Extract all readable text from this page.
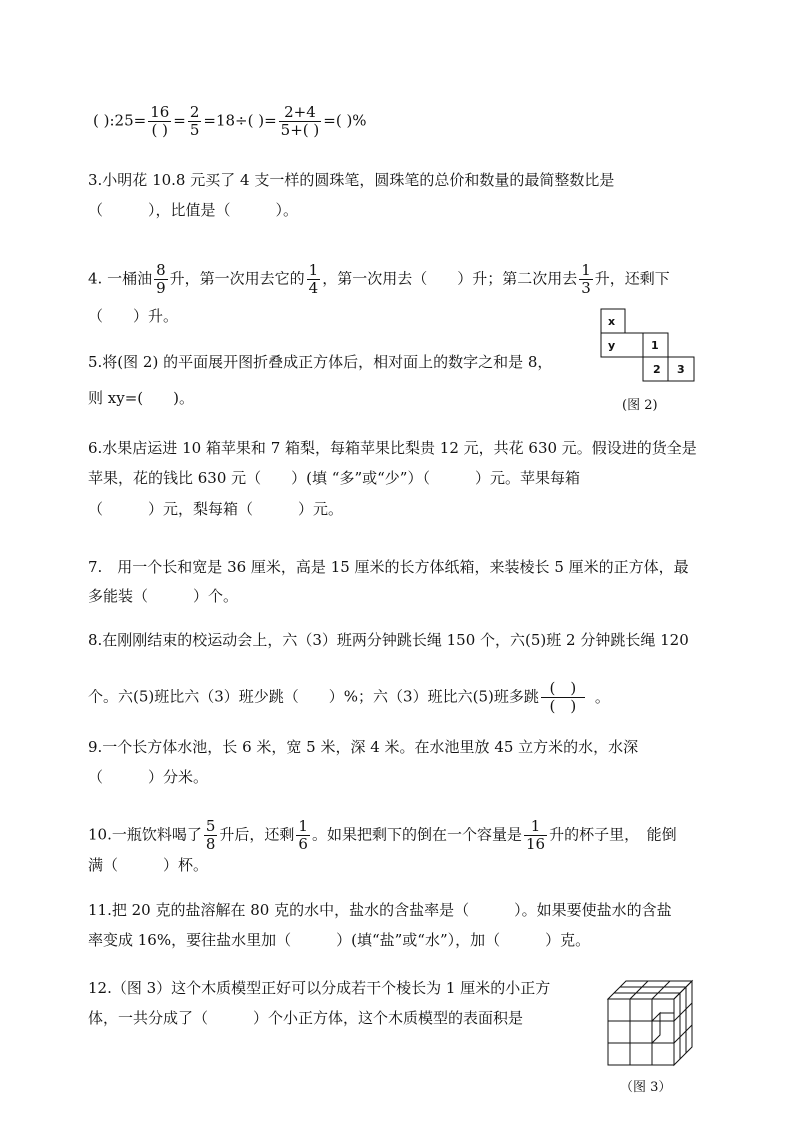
( ):25= $\frac{16}{( )} = \frac{2}{5} =18\div$( )= $\frac{2+4}{5+( )}$ =( )%
3.小明花 10.8 元买了 4 支一样的圆珠笔，圆珠笔的总价和数量的最简整数比是
（　　　），比值是（　　　）。
4. 一桶油 $\frac{8}{9}$ 升，第一次用去它的 $\frac{1}{4}$ ，第一次用去（　　）升；第二次用去 $\frac{1}{3}$ 升，还剩下
（　　）升。
5.将(图 2) 的平面展开图折叠成正方体后，相对面上的数字之和是 8，
则 xy=(　　)。
x
y	1
2 3
(图 2)
6.水果店运进 10 箱苹果和 7 箱梨，每箱苹果比梨贵 12 元，共花 630 元。假设进的货全是
苹果，花的钱比 630 元（　　）(填 “多”或“少”）（　　　）元。苹果每箱
（　　　）元，梨每箱（　　　）元。
7.　用一个长和宽是 36 厘米，高是 15 厘米的长方体纸箱，来装棱长 5 厘米的正方体，最
多能装（　　　）个。
8.在刚刚结束的校运动会上，六（3）班两分钟跳长绳 150 个，六(5)班 2 分钟跳长绳 120
个。六(5)班比六（3）班少跳（　　）%；六（3）班比六(5)班多跳 $\frac{( )}{( )}$ 。
9.一个长方体水池，长 6 米，宽 5 米，深 4 米。在水池里放 45 立方米的水，水深
（　　　）分米。
10.一瓶饮料喝了 $\frac{5}{8}$ 升后，还剩 $\frac{1}{6}$ 。如果把剩下的倒在一个容量是 $\frac{1}{16}$ 升的杯子里，　能倒
满（　　　）杯。
11.把 20 克的盐溶解在 80 克的水中，盐水的含盐率是（　　　）。如果要使盐水的含盐
率变成 16%，要往盐水里加（　　　）(填“盐”或“水”），加（　　　）克。
12.（图 3）这个木质模型正好可以分成若干个棱长为 1 厘米的小正方
体，一共分成了（　　　）个小正方体，这个木质模型的表面积是
（图 3）
